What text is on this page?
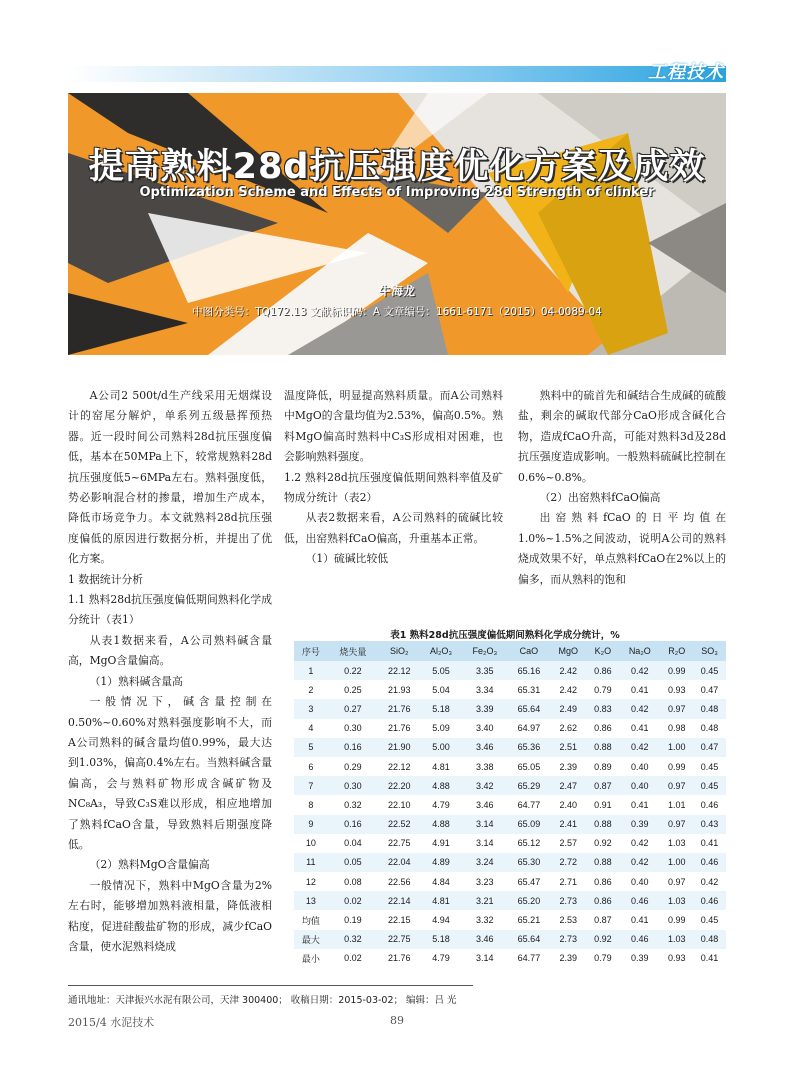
工程技术
提高熟料28d抗压强度优化方案及成效
Optimization Scheme and Effects of Improving 28d Strength of clinker
牛海龙
中图分类号：TQ172.13 文献标识码：A 文章编号：1661-6171（2015）04-0089-04

A公司2 500t/d生产线采用无烟煤设计的窑尾分解炉，单系列五级悬挥预热器。近一段时间公司熟料28d抗压强度偏低，基本在50MPa上下，较常规熟料28d抗压强度低5~6MPa左右。熟料强度低，势必影响混合材的掺量，增加生产成本，降低市场竞争力。本文就熟料28d抗压强度偏低的原因进行数据分析，并提出了优化方案。

1 数据统计分析

1.1 熟料28d抗压强度偏低期间熟料化学成分统计（表1）

从表1数据来看，A公司熟料碱含量高，MgO含量偏高。

（1）熟料碱含量高

一般情况下，碱含量控制在0.50%~0.60%对熟料强度影响不大，而A公司熟料的碱含量均值0.99%，最大达到1.03%，偏高0.4%左右。当熟料碱含量偏高，会与熟料矿物形成含碱矿物及NC₈A₃，导致C₃S难以形成，相应地增加了熟料fCaO含量，导致熟料后期强度降低。

（2）熟料MgO含量偏高

一般情况下，熟料中MgO含量为2%左右时，能够增加熟料液相量，降低液相粘度，促进硅酸盐矿物的形成，减少fCaO含量，使水泥熟料烧成

温度降低，明显提高熟料质量。而A公司熟料中MgO的含量均值为2.53%，偏高0.5%。熟料MgO偏高时熟料中C₃S形成相对困难，也会影响熟料强度。

1.2 熟料28d抗压强度偏低期间熟料率值及矿物成分统计（表2）

从表2数据来看，A公司熟料的硫碱比较低，出窑熟料fCaO偏高，升重基本正常。

（1）硫碱比较低

熟料中的硫首先和碱结合生成碱的硫酸盐，剩余的碱取代部分CaO形成含碱化合物，造成fCaO升高，可能对熟料3d及28d抗压强度造成影响。一般熟料硫碱比控制在0.6%~0.8%。

（2）出窑熟料fCaO偏高

出窑熟料fCaO的日平均值在1.0%~1.5%之间波动，说明A公司的熟料烧成效果不好，单点熟料fCaO在2%以上的偏多，而从熟料的饱和

表1 熟料28d抗压强度偏低期间熟料化学成分统计，%
序号	烧失量	SiO₂	Al₂O₃	Fe₂O₃	CaO	MgO	K₂O	Na₂O	R₂O	SO₃
1	0.22	22.12	5.05	3.35	65.16	2.42	0.86	0.42	0.99	0.45
2	0.25	21.93	5.04	3.34	65.31	2.42	0.79	0.41	0.93	0.47
3	0.27	21.76	5.18	3.39	65.64	2.49	0.83	0.42	0.97	0.48
4	0.30	21.76	5.09	3.40	64.97	2.62	0.86	0.41	0.98	0.48
5	0.16	21.90	5.00	3.46	65.36	2.51	0.88	0.42	1.00	0.47
6	0.29	22.12	4.81	3.38	65.05	2.39	0.89	0.40	0.99	0.45
7	0.30	22.20	4.88	3.42	65.29	2.47	0.87	0.40	0.97	0.45
8	0.32	22.10	4.79	3.46	64.77	2.40	0.91	0.41	1.01	0.46
9	0.16	22.52	4.88	3.14	65.09	2.41	0.88	0.39	0.97	0.43
10	0.04	22.75	4.91	3.14	65.12	2.57	0.92	0.42	1.03	0.41
11	0.05	22.04	4.89	3.24	65.30	2.72	0.88	0.42	1.00	0.46
12	0.08	22.56	4.84	3.23	65.47	2.71	0.86	0.40	0.97	0.42
13	0.02	22.14	4.81	3.21	65.20	2.73	0.86	0.46	1.03	0.46
均值	0.19	22.15	4.94	3.32	65.21	2.53	0.87	0.41	0.99	0.45
最大	0.32	22.75	5.18	3.46	65.64	2.73	0.92	0.46	1.03	0.48
最小	0.02	21.76	4.79	3.14	64.77	2.39	0.79	0.39	0.93	0.41
通讯地址：天津振兴水泥有限公司，天津 300400； 收稿日期：2015-03-02； 编辑：吕 光
2015/4 水泥技术	89
